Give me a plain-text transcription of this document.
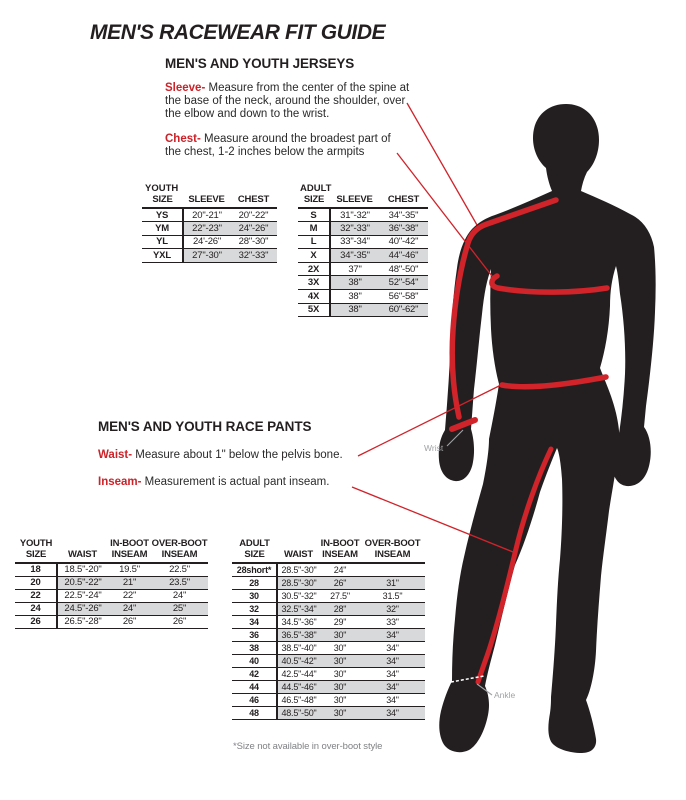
MEN'S RACEWEAR FIT GUIDE
MEN'S AND YOUTH JERSEYS

Sleeve- Measure from the center of the spine at the base of the neck, around the shoulder, over the elbow and down to the wrist.

Chest- Measure around the broadest part of the chest, 1-2 inches below the armpits

YOUTH
SIZE	SLEEVE	CHEST

YS	20"-21"	20"-22"
YM	22"-23"	24"-26"
YL	24'-26"	28"-30"
YXL	27"-30"	32"-33"
ADULT
SIZE	SLEEVE	CHEST

S	31"-32"	34"-35"
M	32"-33"	36"-38"
L	33"-34"	40"-42"
X	34"-35"	44"-46"
2X	37"	48"-50"
3X	38"	52"-54"
4X	38"	56"-58"
5X	38"	60"-62"
MEN'S AND YOUTH RACE PANTS

Waist- Measure about 1" below the pelvis bone.

Inseam- Measurement is actual pant inseam.

YOUTH
SIZE	WAIST

IN-BOOT
INSEAM

OVER-BOOT
INSEAM

18	18.5"-20"	19.5"	22.5"
20	20.5"-22"	21"	23.5"
22	22.5"-24"	22"	24"
24	24.5"-26"	24"	25"
26	26.5"-28"	26"	26"
ADULT
SIZE	WAIST

IN-BOOT
INSEAM

OVER-BOOT
INSEAM

28short*	28.5"-30"	24"	
28	28.5"-30"	26"	31"
30	30.5"-32"	27.5"	31.5"
32	32.5"-34"	28"	32"
34	34.5"-36"	29"	33"
36	36.5"-38"	30"	34"
38	38.5"-40"	30"	34"
40	40.5"-42"	30"	34"
42	42.5"-44"	30"	34"
44	44.5"-46"	30"	34"
46	46.5"-48"	30"	34"
48	48.5"-50"	30"	34"
*Size not available in over-boot style
Wrist
Ankle
